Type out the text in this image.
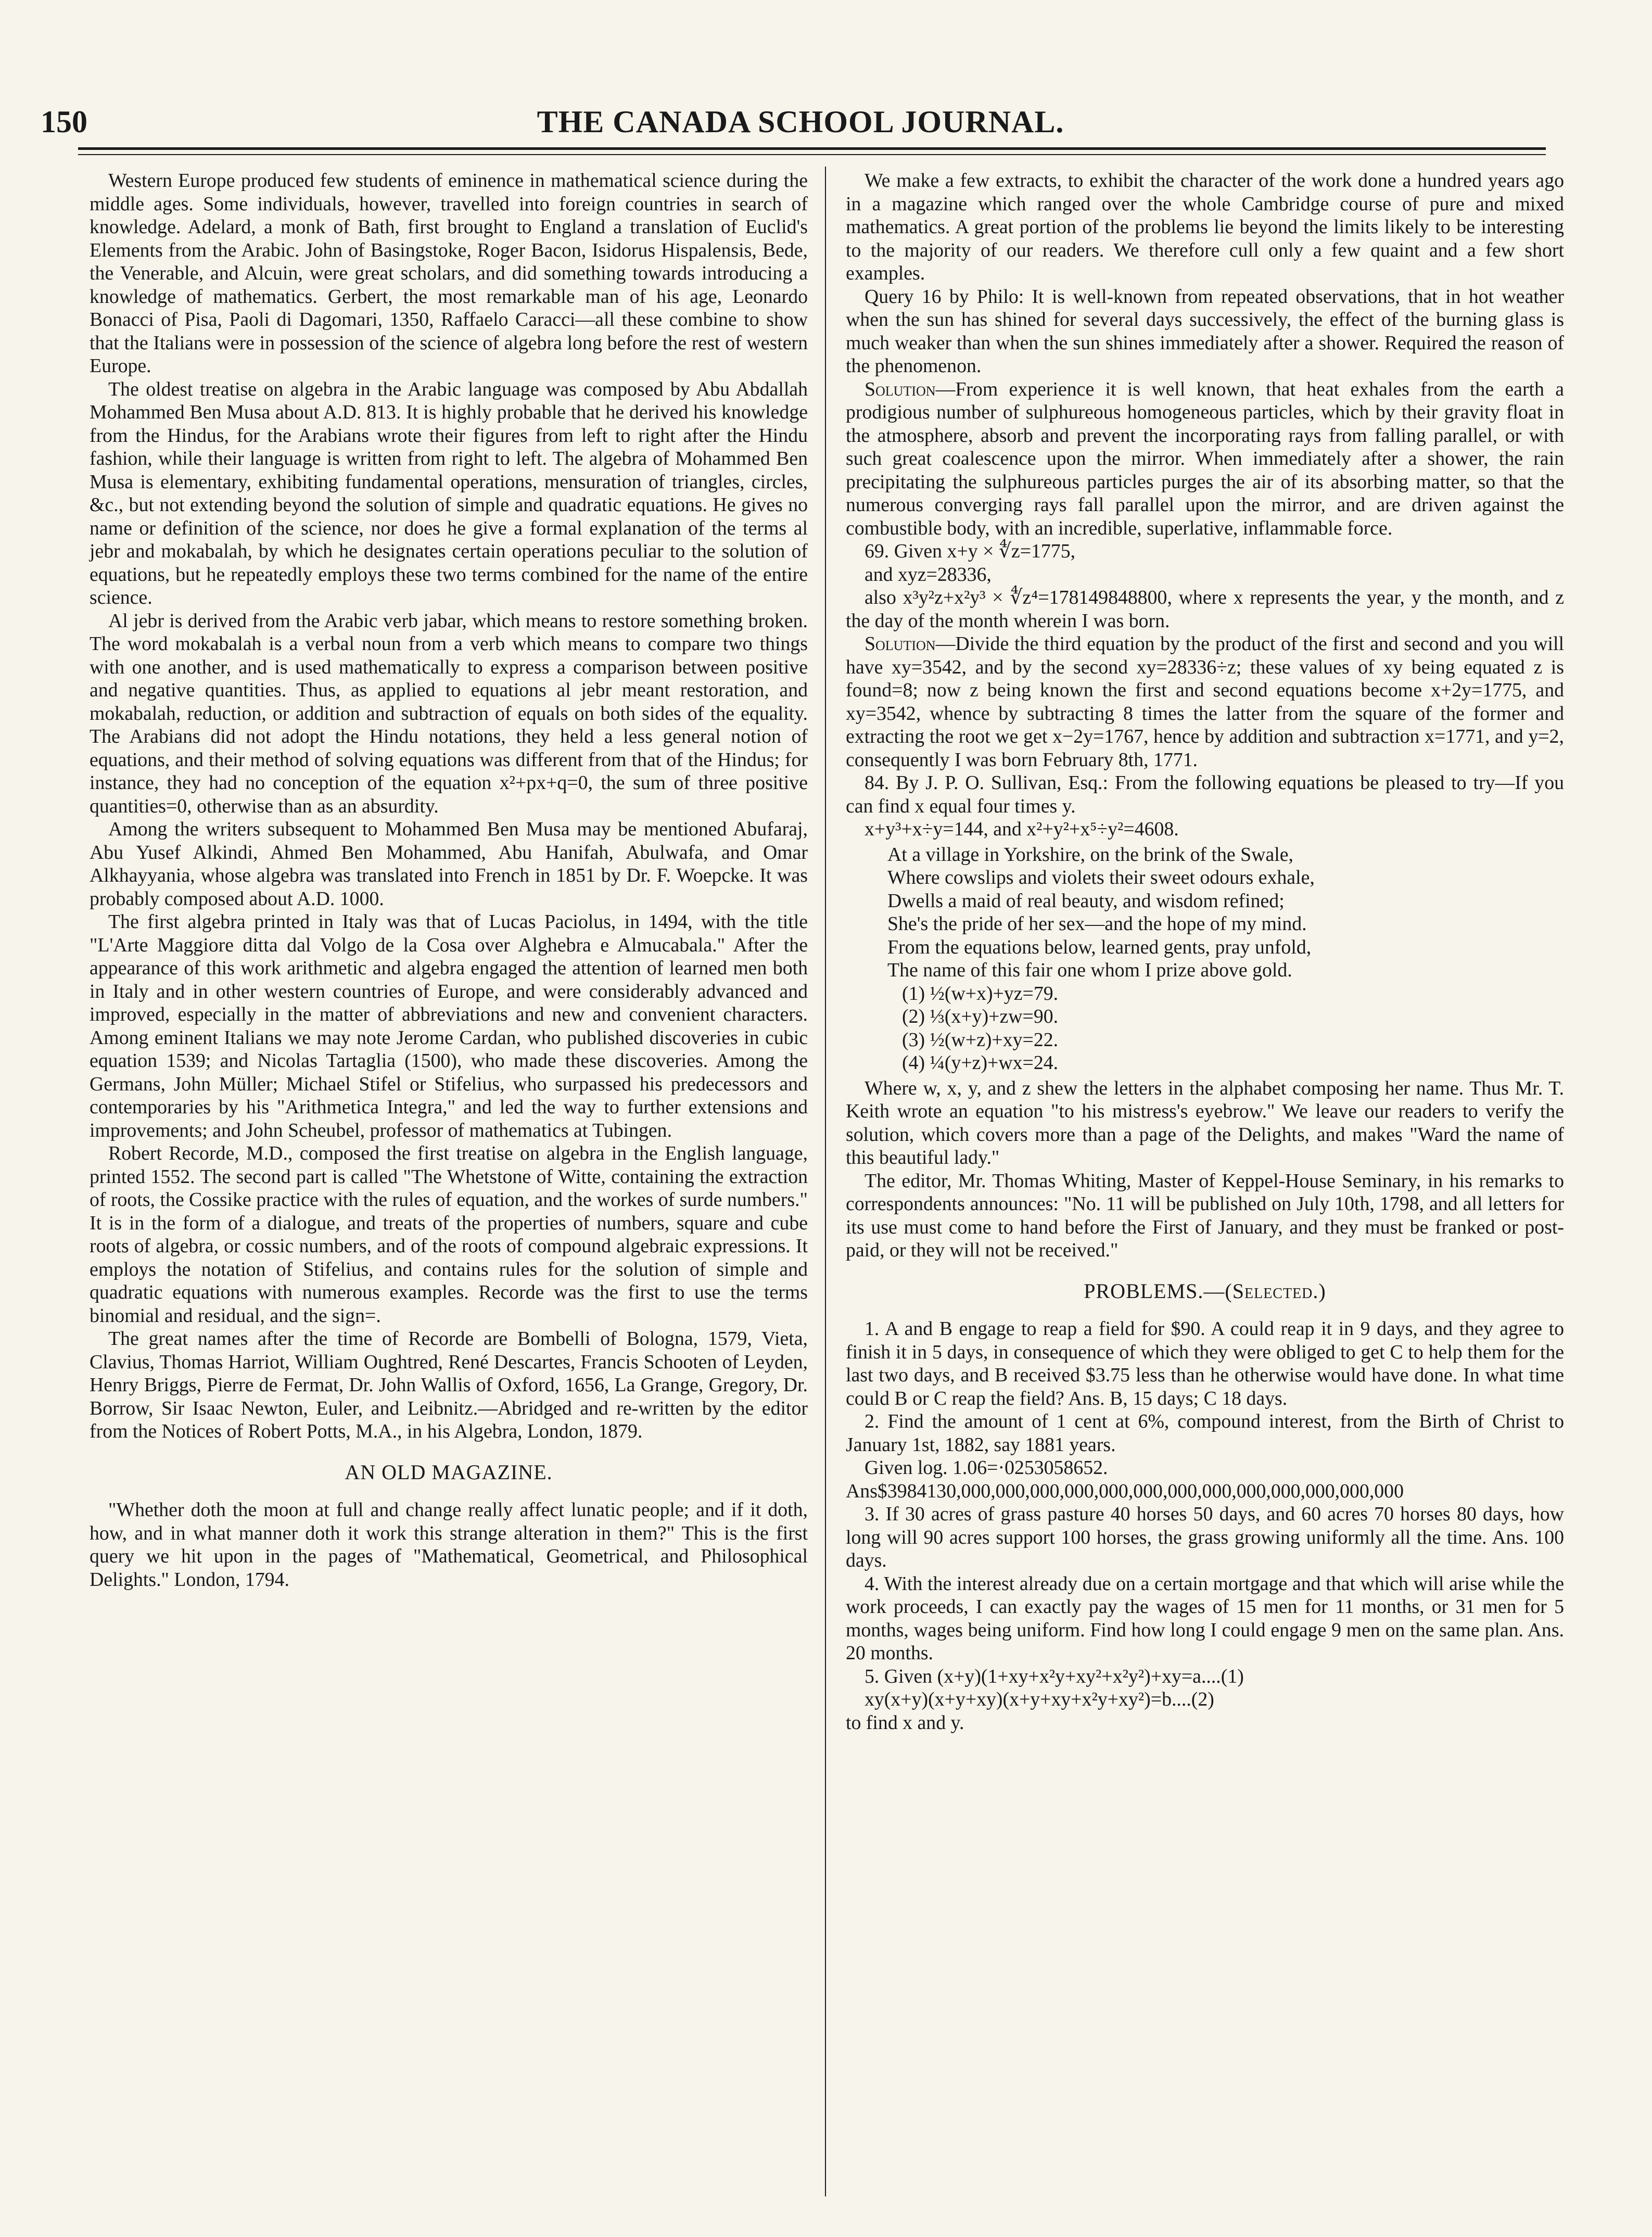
150	THE CANADA SCHOOL JOURNAL.

Western Europe produced few students of eminence in mathematical science during the middle ages. Some individuals, however, travelled into foreign countries in search of knowledge. Adelard, a monk of Bath, first brought to England a translation of Euclid's Elements from the Arabic. John of Basingstoke, Roger Bacon, Isidorus Hispalensis, Bede, the Venerable, and Alcuin, were great scholars, and did something towards introducing a knowledge of mathematics. Gerbert, the most remarkable man of his age, Leonardo Bonacci of Pisa, Paoli di Dagomari, 1350, Raffaelo Caracci—all these combine to show that the Italians were in possession of the science of algebra long before the rest of western Europe.

The oldest treatise on algebra in the Arabic language was composed by Abu Abdallah Mohammed Ben Musa about A.D. 813. It is highly probable that he derived his knowledge from the Hindus, for the Arabians wrote their figures from left to right after the Hindu fashion, while their language is written from right to left. The algebra of Mohammed Ben Musa is elementary, exhibiting fundamental operations, mensuration of triangles, circles, &c., but not extending beyond the solution of simple and quadratic equations. He gives no name or definition of the science, nor does he give a formal explanation of the terms al jebr and mokabalah, by which he designates certain operations peculiar to the solution of equations, but he repeatedly employs these two terms combined for the name of the entire science.

Al jebr is derived from the Arabic verb jabar, which means to restore something broken. The word mokabalah is a verbal noun from a verb which means to compare two things with one another, and is used mathematically to express a comparison between positive and negative quantities. Thus, as applied to equations al jebr meant restoration, and mokabalah, reduction, or addition and subtraction of equals on both sides of the equality. The Arabians did not adopt the Hindu notations, they held a less general notion of equations, and their method of solving equations was different from that of the Hindus; for instance, they had no conception of the equation x²+px+q=0, the sum of three positive quantities=0, otherwise than as an absurdity.

Among the writers subsequent to Mohammed Ben Musa may be mentioned Abufaraj, Abu Yusef Alkindi, Ahmed Ben Mohammed, Abu Hanifah, Abulwafa, and Omar Alkhayyania, whose algebra was translated into French in 1851 by Dr. F. Woepcke. It was probably composed about A.D. 1000.

The first algebra printed in Italy was that of Lucas Paciolus, in 1494, with the title "L'Arte Maggiore ditta dal Volgo de la Cosa over Alghebra e Almucabala." After the appearance of this work arithmetic and algebra engaged the attention of learned men both in Italy and in other western countries of Europe, and were considerably advanced and improved, especially in the matter of abbreviations and new and convenient characters. Among eminent Italians we may note Jerome Cardan, who published discoveries in cubic equation 1539; and Nicolas Tartaglia (1500), who made these discoveries. Among the Germans, John Müller; Michael Stifel or Stifelius, who surpassed his predecessors and contemporaries by his "Arithmetica Integra," and led the way to further extensions and improvements; and John Scheubel, professor of mathematics at Tubingen.

Robert Recorde, M.D., composed the first treatise on algebra in the English language, printed 1552. The second part is called "The Whetstone of Witte, containing the extraction of roots, the Cossike practice with the rules of equation, and the workes of surde numbers." It is in the form of a dialogue, and treats of the properties of numbers, square and cube roots of algebra, or cossic numbers, and of the roots of compound algebraic expressions. It employs the notation of Stifelius, and contains rules for the solution of simple and quadratic equations with numerous examples. Recorde was the first to use the terms binomial and residual, and the sign=.

The great names after the time of Recorde are Bombelli of Bologna, 1579, Vieta, Clavius, Thomas Harriot, William Oughtred, René Descartes, Francis Schooten of Leyden, Henry Briggs, Pierre de Fermat, Dr. John Wallis of Oxford, 1656, La Grange, Gregory, Dr. Borrow, Sir Isaac Newton, Euler, and Leibnitz.—Abridged and re-written by the editor from the Notices of Robert Potts, M.A., in his Algebra, London, 1879.

AN OLD MAGAZINE.

"Whether doth the moon at full and change really affect lunatic people; and if it doth, how, and in what manner doth it work this strange alteration in them?" This is the first query we hit upon in the pages of "Mathematical, Geometrical, and Philosophical Delights." London, 1794.

We make a few extracts, to exhibit the character of the work done a hundred years ago in a magazine which ranged over the whole Cambridge course of pure and mixed mathematics. A great portion of the problems lie beyond the limits likely to be interesting to the majority of our readers. We therefore cull only a few quaint and a few short examples.

Query 16 by Philo: It is well-known from repeated observations, that in hot weather when the sun has shined for several days successively, the effect of the burning glass is much weaker than when the sun shines immediately after a shower. Required the reason of the phenomenon.

Solution—From experience it is well known, that heat exhales from the earth a prodigious number of sulphureous homogeneous particles, which by their gravity float in the atmosphere, absorb and prevent the incorporating rays from falling parallel, or with such great coalescence upon the mirror. When immediately after a shower, the rain precipitating the sulphureous particles purges the air of its absorbing matter, so that the numerous converging rays fall parallel upon the mirror, and are driven against the combustible body, with an incredible, superlative, inflammable force.

69. Given x+y × ∜z=1775,

and xyz=28336,

also x³y²z+x²y³ × ∜z⁴=178149848800, where x represents the year, y the month, and z the day of the month wherein I was born.

Solution—Divide the third equation by the product of the first and second and you will have xy=3542, and by the second xy=28336÷z; these values of xy being equated z is found=8; now z being known the first and second equations become x+2y=1775, and xy=3542, whence by subtracting 8 times the latter from the square of the former and extracting the root we get x−2y=1767, hence by addition and subtraction x=1771, and y=2, consequently I was born February 8th, 1771.

84. By J. P. O. Sullivan, Esq.: From the following equations be pleased to try—If you can find x equal four times y.

x+y³+x÷y=144, and x²+y²+x⁵÷y²=4608.

At a village in Yorkshire, on the brink of the Swale,
Where cowslips and violets their sweet odours exhale,
Dwells a maid of real beauty, and wisdom refined;
She's the pride of her sex—and the hope of my mind.
From the equations below, learned gents, pray unfold,
The name of this fair one whom I prize above gold.
(1) ½(w+x)+yz=79.
(2) ⅓(x+y)+zw=90.
(3) ½(w+z)+xy=22.
(4) ¼(y+z)+wx=24.

Where w, x, y, and z shew the letters in the alphabet composing her name. Thus Mr. T. Keith wrote an equation "to his mistress's eyebrow." We leave our readers to verify the solution, which covers more than a page of the Delights, and makes "Ward the name of this beautiful lady."

The editor, Mr. Thomas Whiting, Master of Keppel-House Seminary, in his remarks to correspondents announces: "No. 11 will be published on July 10th, 1798, and all letters for its use must come to hand before the First of January, and they must be franked or post-paid, or they will not be received."

PROBLEMS.—(Selected.)

1. A and B engage to reap a field for $90. A could reap it in 9 days, and they agree to finish it in 5 days, in consequence of which they were obliged to get C to help them for the last two days, and B received $3.75 less than he otherwise would have done. In what time could B or C reap the field? Ans. B, 15 days; C 18 days.

2. Find the amount of 1 cent at 6%, compound interest, from the Birth of Christ to January 1st, 1882, say 1881 years.

Given log. 1.06=·0253058652.

Ans$3984130,000,000,000,000,000,000,000,000,000,000,000,000,000

3. If 30 acres of grass pasture 40 horses 50 days, and 60 acres 70 horses 80 days, how long will 90 acres support 100 horses, the grass growing uniformly all the time. Ans. 100 days.

4. With the interest already due on a certain mortgage and that which will arise while the work proceeds, I can exactly pay the wages of 15 men for 11 months, or 31 men for 5 months, wages being uniform. Find how long I could engage 9 men on the same plan. Ans. 20 months.

5. Given (x+y)(1+xy+x²y+xy²+x²y²)+xy=a....(1)

xy(x+y)(x+y+xy)(x+y+xy+x²y+xy²)=b....(2)

to find x and y.
